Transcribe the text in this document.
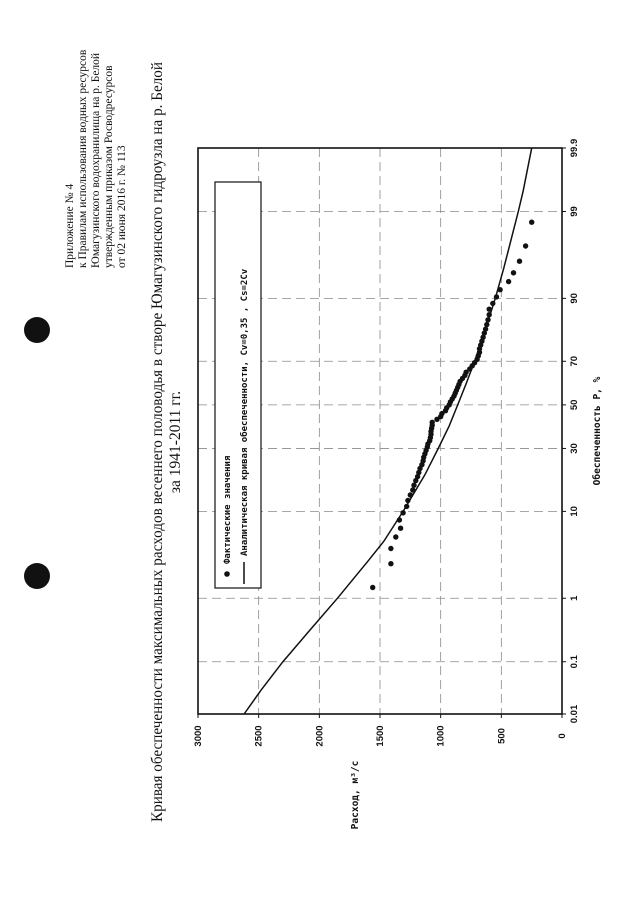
Приложение № 4 к Правилам использования водных ресурсов Юмагузинского водохранилища на р. Белой утвержденным приказом Росводресурсов от 02 июня 2016 г. № 113 Кривая обеспеченности максимальных расходов весеннего половодья в створе Юмагузинского гидроузла на р. Белой за 1941-2011 гг.
0.01
0.1
1
10
30
50
70
90
99
99.9
0
500
1000
1500
2000
2500
3000
Обеспеченность P, %
Расход, м³/с
Фактические значения Аналитическая кривая обеспеченности, Cv=0,35 , Cs=2Cv
